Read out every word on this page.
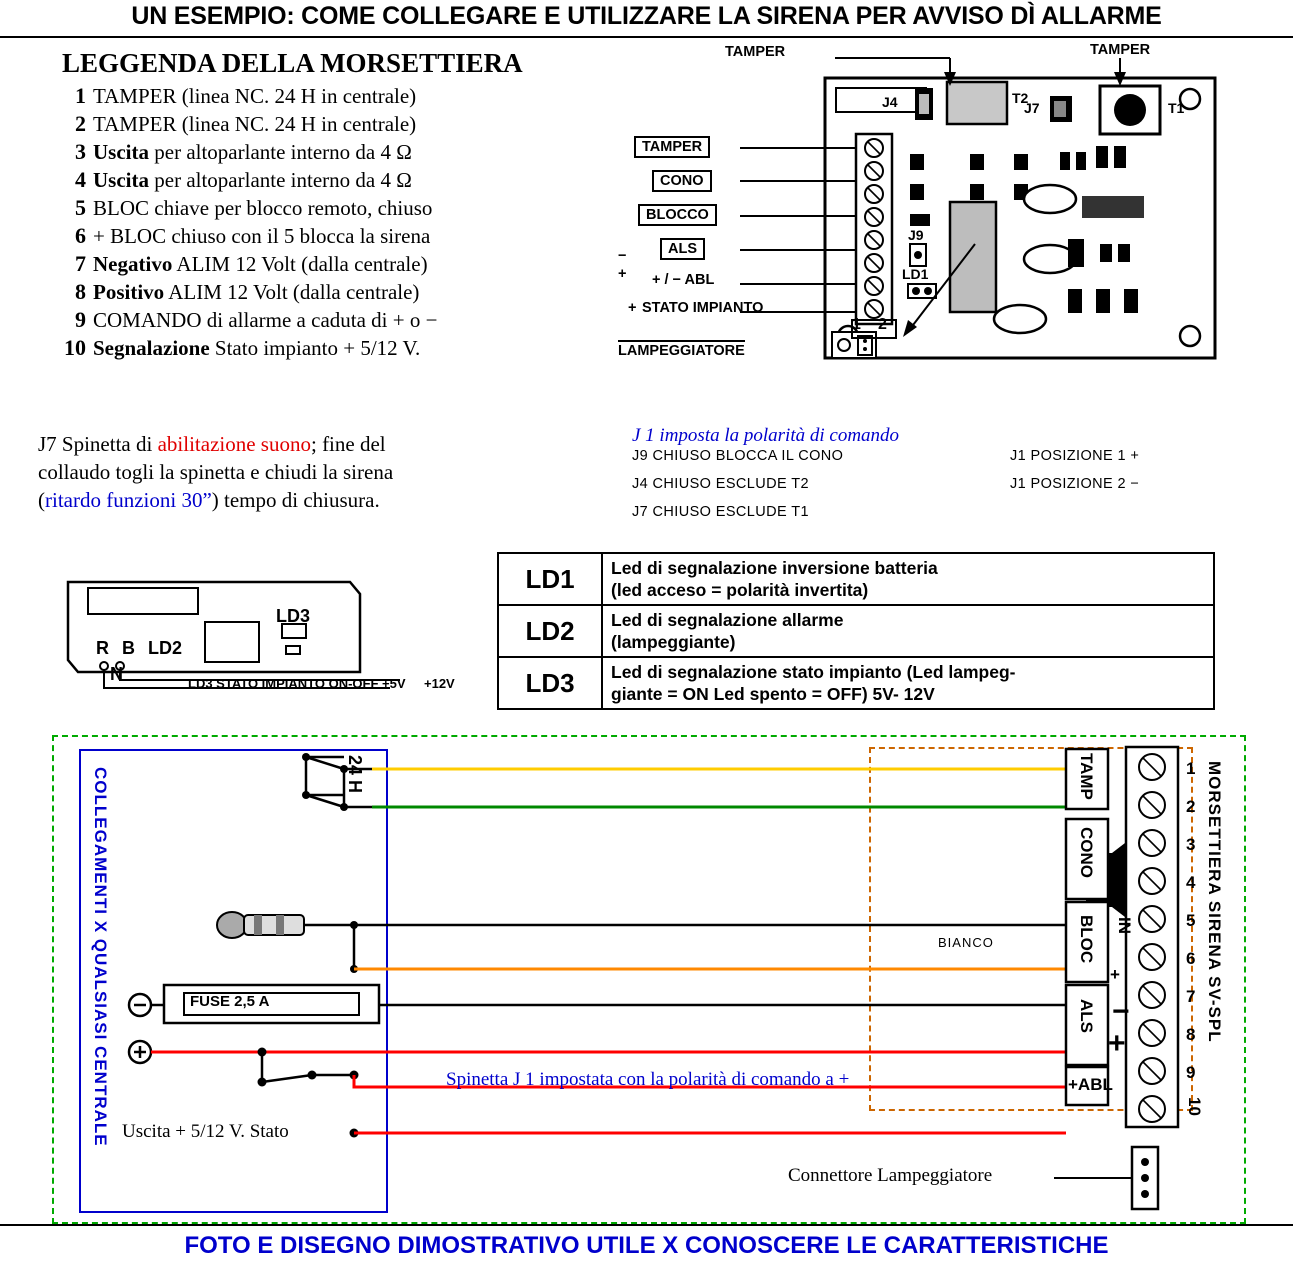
UN ESEMPIO: COME COLLEGARE E UTILIZZARE LA SIRENA PER AVVISO DÌ ALLARME
LEGGENDA DELLA MORSETTIERA
1 TAMPER (linea NC. 24 H in centrale)
2 TAMPER (linea NC. 24 H in centrale)
3 Uscita per altoparlante interno da 4 Ω
4 Uscita per altoparlante interno da 4 Ω
5 BLOC chiave per blocco remoto, chiuso
6 + BLOC chiuso con il 5 blocca la sirena
7 Negativo ALIM 12 Volt (dalla centrale)
8 Positivo ALIM 12 Volt (dalla centrale)
9 COMANDO di allarme a caduta di + o −
10 Segnalazione Stato impianto + 5/12 V.
J7 Spinetta di abilitazione suono; fine del
collaudo togli la spinetta e chiudi la sirena
(ritardo funzioni 30”) tempo di chiusura.
TAMPER	TAMPER
J4	T2
J7	T1
J9
LD1
TAMPER
CONO
BLOCCO
ALS
+ / − ABL
STATO IMPIANTO
−
+
+
1 2
LAMPEGGIATORE
J 1 imposta la polarità di comando
J9 CHIUSO BLOCCA IL CONO
J4 CHIUSO ESCLUDE T2
J7 CHIUSO ESCLUDE T1
J1 POSIZIONE 1 +
J1 POSIZIONE 2 −
LD1	Led di segnalazione inversione batteria
(led acceso = polarità invertita)
LD2	Led di segnalazione allarme
(lampeggiante)
LD3	Led di segnalazione stato impianto (Led lampeg-
giante = ON Led spento = OFF) 5V- 12V
LD3
LD2
R B
N	LD3 STATO IMPIANTO ON-OFF +5V +12V
COLLEGAMENTI X QUALSIASI CENTRALE	MORSETTIERA SIRENA SV-SPL
24 H
FUSE 2,5 A
BIANCO
Spinetta J 1 impostata con la polarità di comando a +
Uscita + 5/12 V. Stato
Connettore Lampeggiatore
TAMP
CONO
BLOC
ALS
+ABL
IN
+
−
+
1
2
3
4
5
6
7
8
9
10
FOTO E DISEGNO DIMOSTRATIVO UTILE X CONOSCERE LE CARATTERISTICHE
